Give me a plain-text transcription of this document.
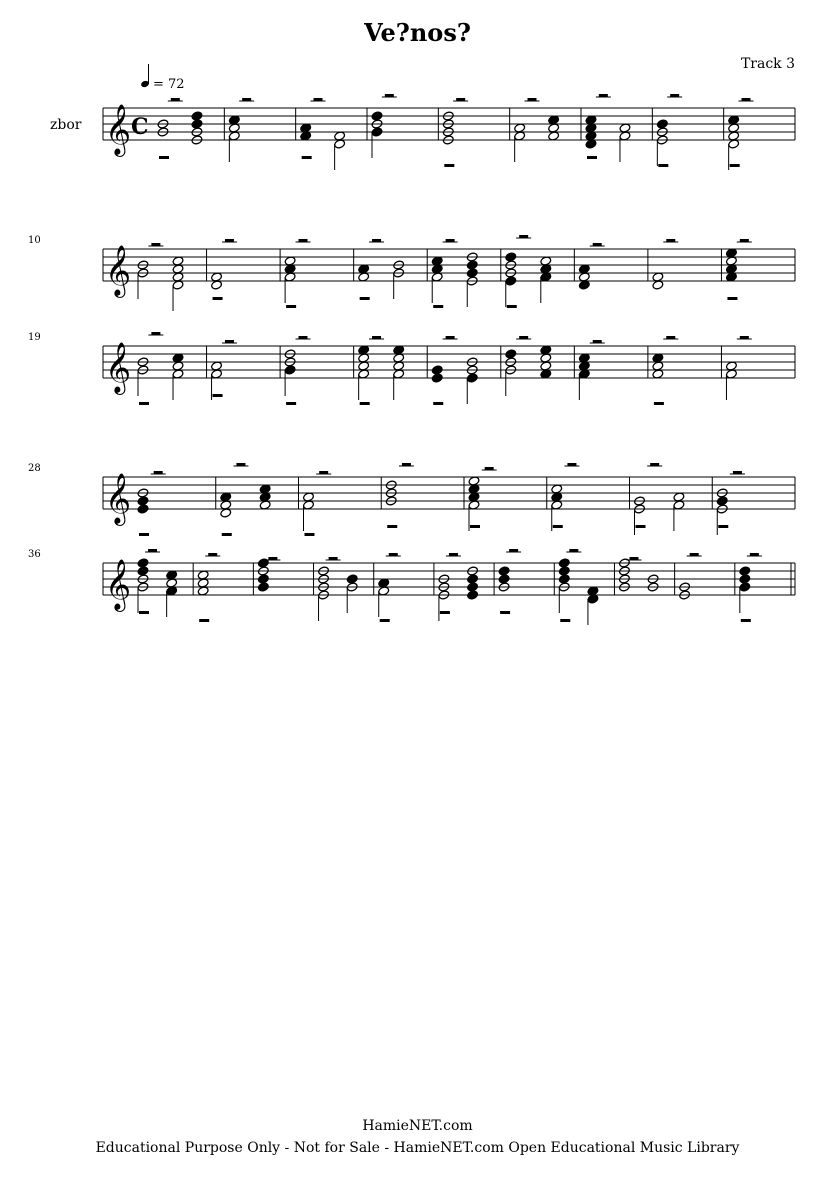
Ve?nos?
Track 3
𝄞 C
zbor
= 72
𝄞
10
𝄞
19
𝄞
28
𝄞
36
HamieNET.com
Educational Purpose Only - Not for Sale - HamieNET.com Open Educational Music Library
